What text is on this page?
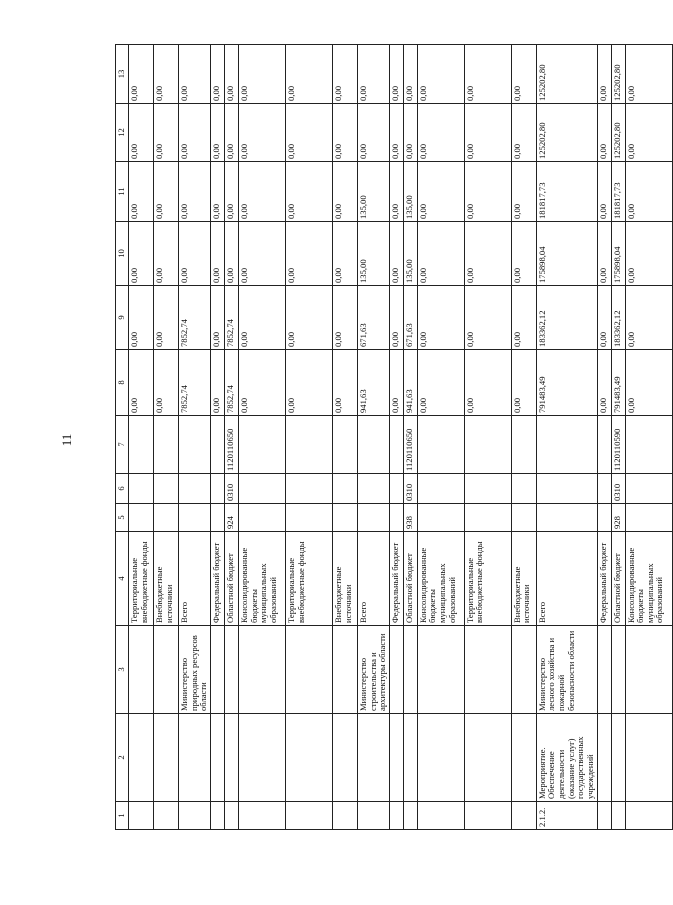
11
1	2	3	4	5	6	7	8	9	10	11	12	13
			Территориальные внебюджетные фонды				0,00	0,00	0,00	0,00	0,00	0,00
			Внебюджетные источники				0,00	0,00	0,00	0,00	0,00	0,00
		Министерство природных ресурсов области	Всего				7852,74	7852,74	0,00	0,00	0,00	0,00
			Федеральный бюджет				0,00	0,00	0,00	0,00	0,00	0,00
			Областной бюджет	924	0310	1120110650	7852,74	7852,74	0,00	0,00	0,00	0,00
			Консолидированные бюджеты муниципальных образований				0,00	0,00	0,00	0,00	0,00	0,00
			Территориальные внебюджетные фонды				0,00	0,00	0,00	0,00	0,00	0,00
			Внебюджетные источники				0,00	0,00	0,00	0,00	0,00	0,00
		Министерство строительства и архитектуры области	Всего				941,63	671,63	135,00	135,00	0,00	0,00
			Федеральный бюджет				0,00	0,00	0,00	0,00	0,00	0,00
			Областной бюджет	938	0310	1120110650	941,63	671,63	135,00	135,00	0,00	0,00
			Консолидированные бюджеты муниципальных образований				0,00	0,00	0,00	0,00	0,00	0,00
			Территориальные внебюджетные фонды				0,00	0,00	0,00	0,00	0,00	0,00
			Внебюджетные источники				0,00	0,00	0,00	0,00	0,00	0,00
2.1.2.	Мероприятие. Обеспечение деятельности (оказание услуг) государственных учреждений	Министерство лесного хозяйства и пожарной безопасности области	Всего				791483,49	183362,12	175898,04	181817,73	125202,80	125202,80
			Федеральный бюджет				0,00	0,00	0,00	0,00	0,00	0,00
			Областной бюджет	928	0310	1120110590	791483,49	183362,12	175898,04	181817,73	125202,80	125202,80
			Консолидированные бюджеты муниципальных образований				0,00	0,00	0,00	0,00	0,00	0,00
